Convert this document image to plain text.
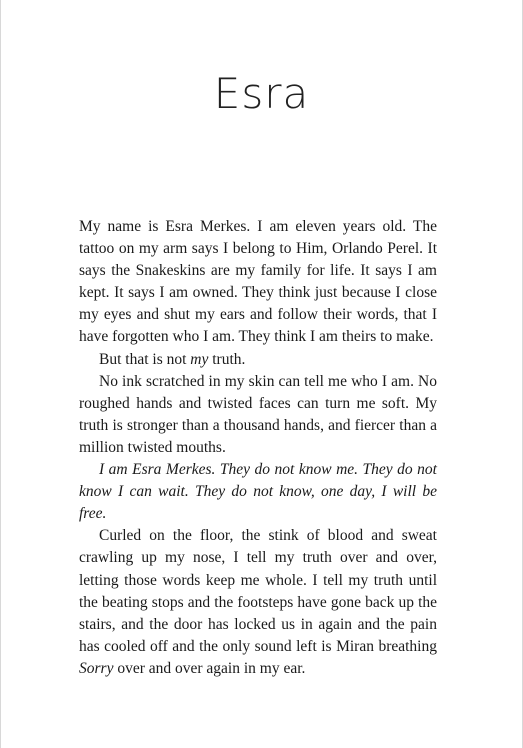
Esra

My name is Esra Merkes. I am eleven years old. The tattoo on my arm says I belong to Him, Orlando Perel. It says the Snakeskins are my family for life. It says I am kept. It says I am owned. They think just because I close my eyes and shut my ears and follow their words, that I have forgotten who I am. They think I am theirs to make.

But that is not my truth.

No ink scratched in my skin can tell me who I am. No roughed hands and twisted faces can turn me soft. My truth is stronger than a thousand hands, and fiercer than a million twisted mouths.

I am Esra Merkes. They do not know me. They do not know I can wait. They do not know, one day, I will be free.

Curled on the floor, the stink of blood and sweat crawling up my nose, I tell my truth over and over, letting those words keep me whole. I tell my truth until the beating stops and the footsteps have gone back up the stairs, and the door has locked us in again and the pain has cooled off and the only sound left is Miran breathing Sorry over and over again in my ear.
